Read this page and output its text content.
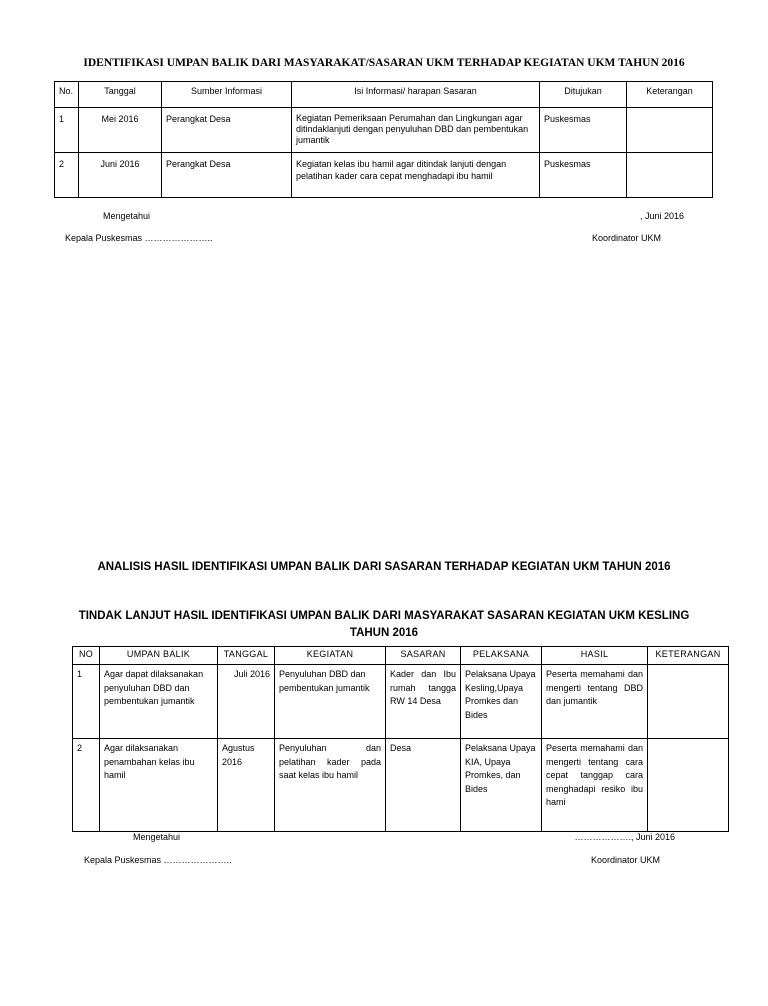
IDENTIFIKASI UMPAN BALIK DARI MASYARAKAT/SASARAN UKM TERHADAP KEGIATAN UKM TAHUN 2016
No.	Tanggal	Sumber Informasi	Isi Informasi/ harapan Sasaran	Ditujukan	Keterangan
1	Mei 2016	Perangkat Desa	Kegiatan Pemeriksaan Perumahan dan Lingkungan agar ditindaklanjuti dengan penyuluhan DBD dan pembentukan jumantik	Puskesmas	
2	Juni 2016	Perangkat Desa	Kegiatan kelas ibu hamil agar ditindak lanjuti dengan pelatihan kader cara cepat menghadapi ibu hamil	Puskesmas	
Mengetahui	, Juni 2016
Kepala Puskesmas …………………..	Koordinator UKM
ANALISIS HASIL IDENTIFIKASI UMPAN BALIK DARI SASARAN TERHADAP KEGIATAN UKM TAHUN 2016
TINDAK LANJUT HASIL IDENTIFIKASI UMPAN BALIK DARI MASYARAKAT SASARAN KEGIATAN UKM KESLING
TAHUN 2016
NO	UMPAN BALIK	TANGGAL	KEGIATAN	SASARAN	PELAKSANA	HASIL	KETERANGAN
1	Agar dapat dilaksanakan penyuluhan DBD dan pembentukan jumantik	Juli 2016	Penyuluhan DBD dan pembentukan jumantik	Kader dan Ibu rumah tangga RW 14 Desa	Pelaksana Upaya Kesling,Upaya Promkes dan Bides	Peserta memahami dan mengerti tentang DBD dan jumantik	
2	Agar dilaksanakan penambahan kelas ibu hamil	Agustus 2016	Penyuluhan dan pelatihan kader pada saat kelas ibu hamil	Desa	Pelaksana Upaya KIA, Upaya Promkes, dan Bides	Peserta memahami dan mengerti tentang cara cepat tanggap cara menghadapi resiko ibu hami	
Mengetahui	………………., Juni 2016
Kepala Puskesmas …………………..	Koordinator UKM
